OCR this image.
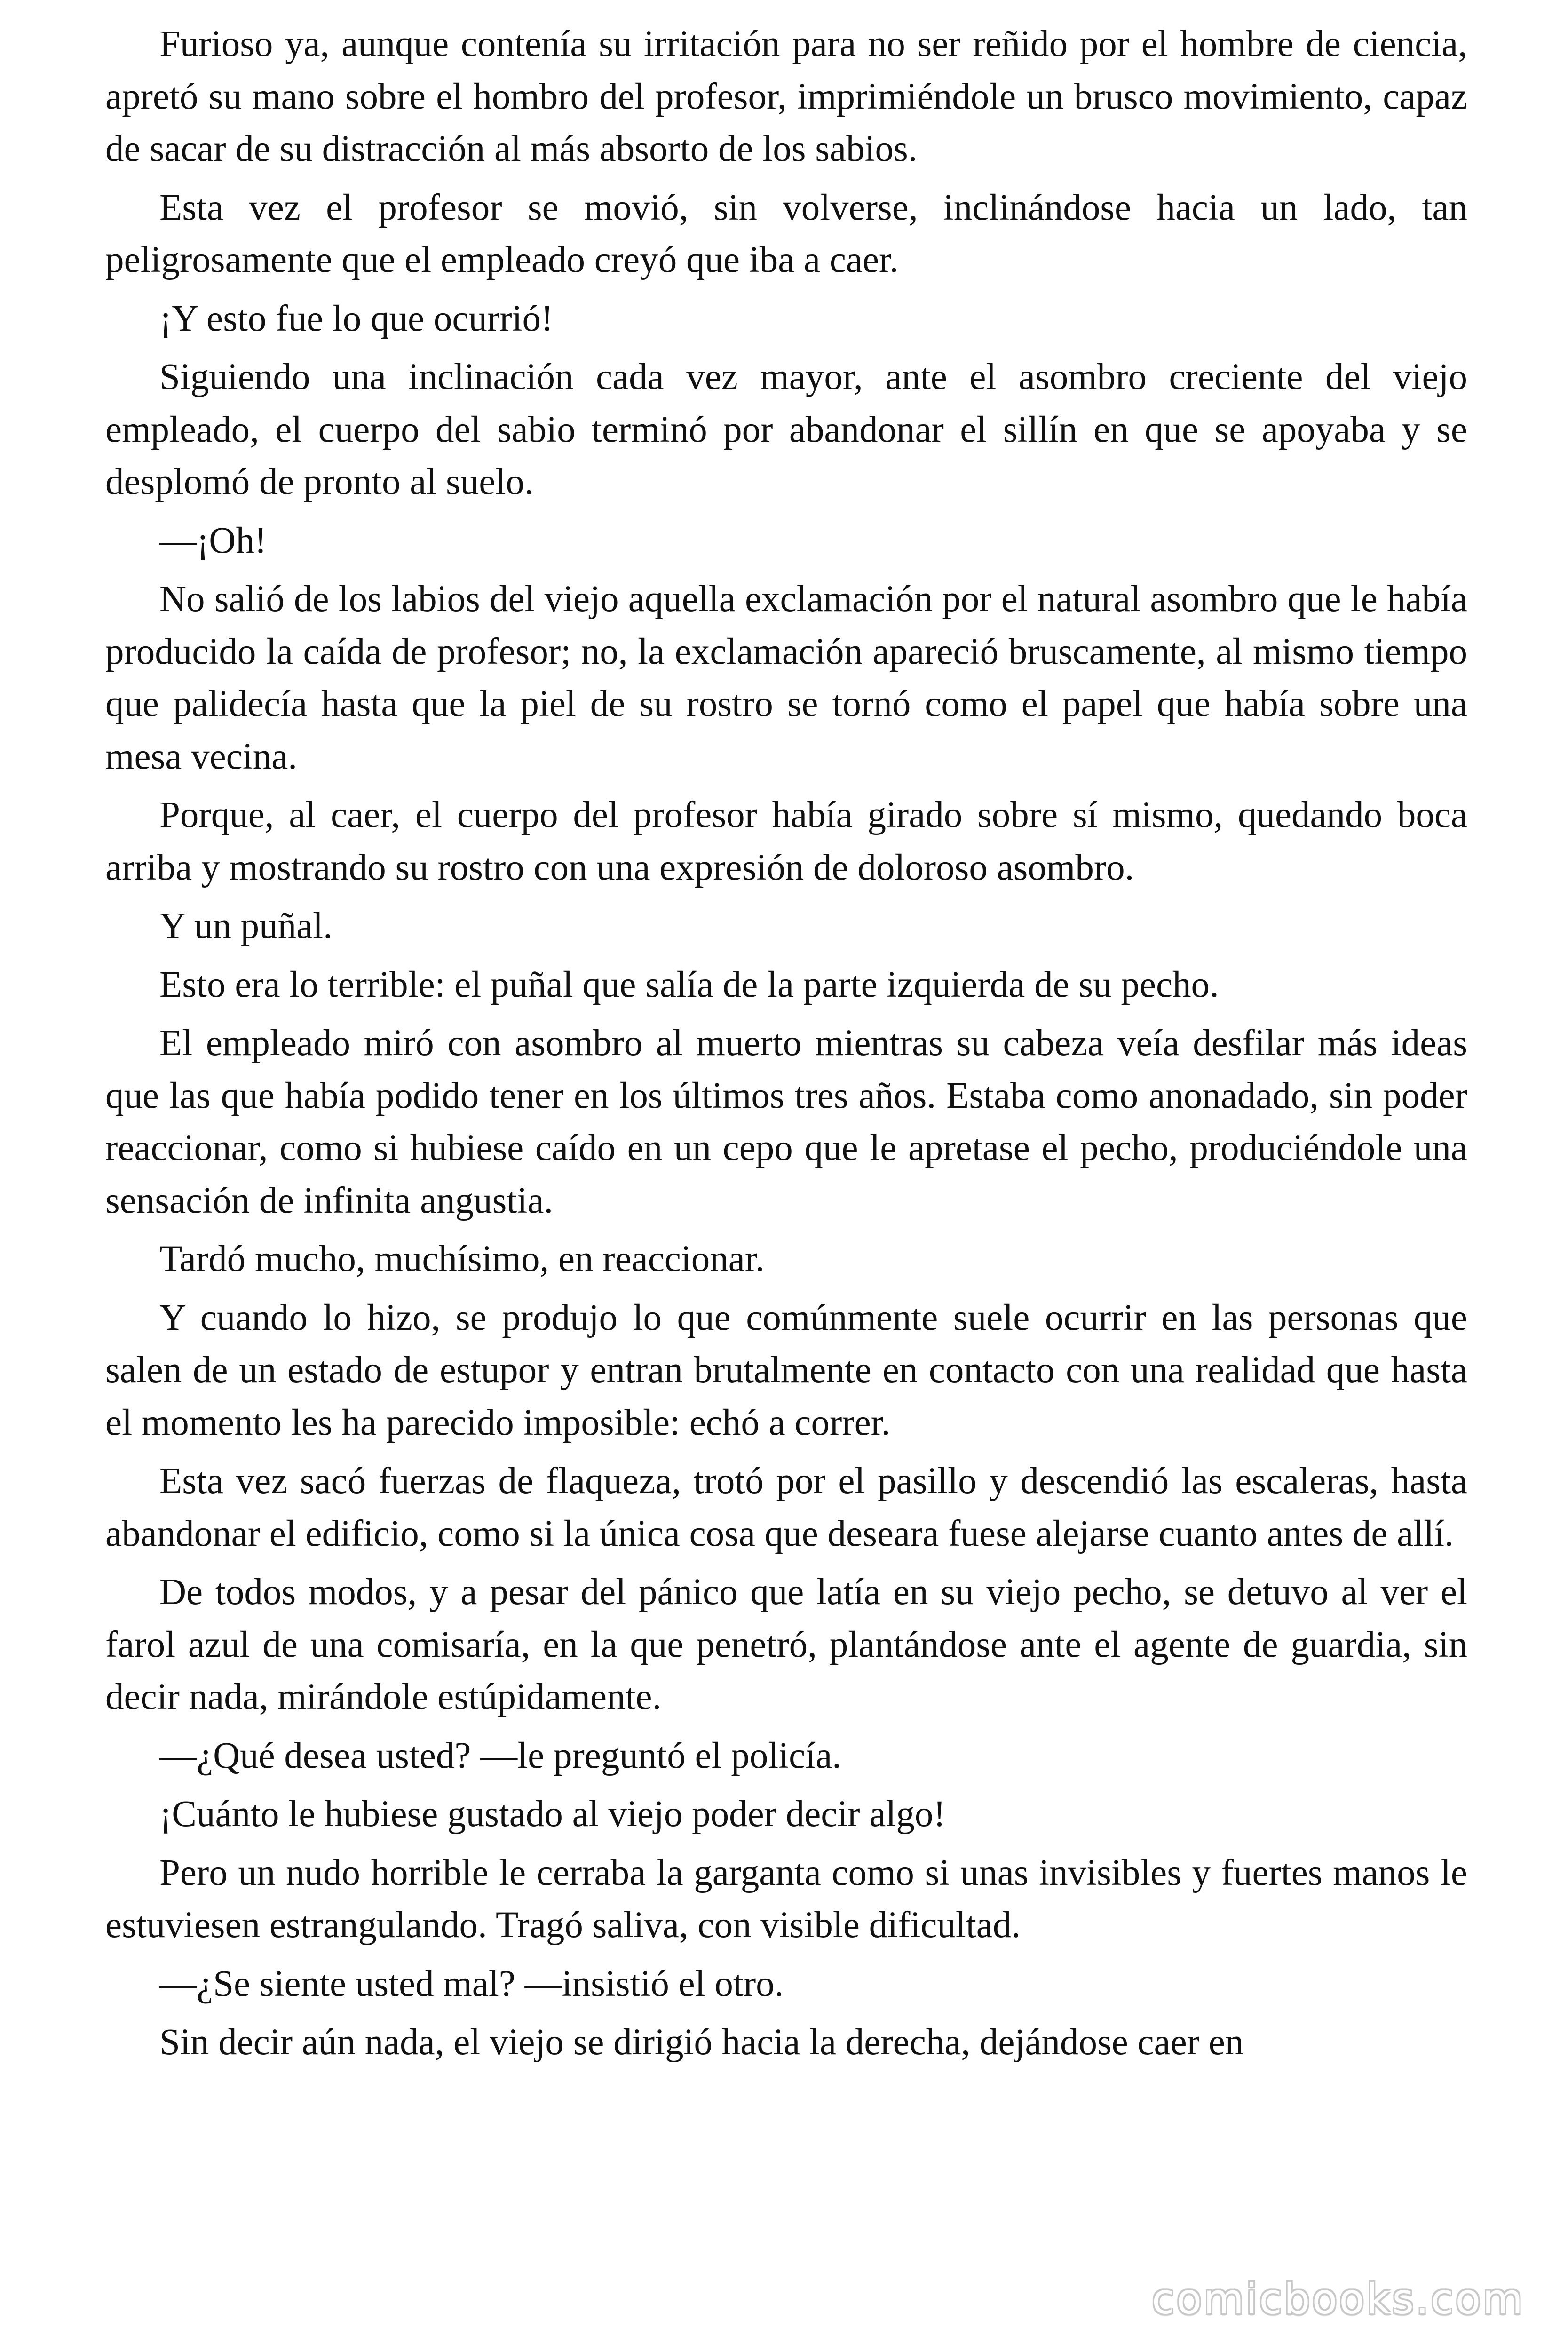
Furioso ya, aunque contenía su irritación para no ser reñido por el hombre de ciencia, apretó su mano sobre el hombro del profesor, imprimiéndole un brusco movimiento, capaz de sacar de su distracción al más absorto de los sabios.

Esta vez el profesor se movió, sin volverse, inclinándose hacia un lado, tan peligrosamente que el empleado creyó que iba a caer.

¡Y esto fue lo que ocurrió!

Siguiendo una inclinación cada vez mayor, ante el asombro creciente del viejo empleado, el cuerpo del sabio terminó por abandonar el sillín en que se apoyaba y se desplomó de pronto al suelo.

—¡Oh!

No salió de los labios del viejo aquella exclamación por el natural asombro que le había producido la caída de profesor; no, la exclamación apareció bruscamente, al mismo tiempo que palidecía hasta que la piel de su rostro se tornó como el papel que había sobre una mesa vecina.

Porque, al caer, el cuerpo del profesor había girado sobre sí mismo, quedando boca arriba y mostrando su rostro con una expresión de doloroso asombro.

Y un puñal.

Esto era lo terrible: el puñal que salía de la parte izquierda de su pecho.

El empleado miró con asombro al muerto mientras su cabeza veía desfilar más ideas que las que había podido tener en los últimos tres años. Estaba como anonadado, sin poder reaccionar, como si hubiese caído en un cepo que le apretase el pecho, produciéndole una sensación de infinita angustia.

Tardó mucho, muchísimo, en reaccionar.

Y cuando lo hizo, se produjo lo que comúnmente suele ocurrir en las personas que salen de un estado de estupor y entran brutalmente en contacto con una realidad que hasta el momento les ha parecido imposible: echó a correr.

Esta vez sacó fuerzas de flaqueza, trotó por el pasillo y descendió las escaleras, hasta abandonar el edificio, como si la única cosa que deseara fuese alejarse cuanto antes de allí.

De todos modos, y a pesar del pánico que latía en su viejo pecho, se detuvo al ver el farol azul de una comisaría, en la que penetró, plantándose ante el agente de guardia, sin decir nada, mirándole estúpidamente.

—¿Qué desea usted? —le preguntó el policía.

¡Cuánto le hubiese gustado al viejo poder decir algo!

Pero un nudo horrible le cerraba la garganta como si unas invisibles y fuertes manos le estuviesen estrangulando. Tragó saliva, con visible dificultad.

—¿Se siente usted mal? —insistió el otro.

Sin decir aún nada, el viejo se dirigió hacia la derecha, dejándose caer en

comicbooks.com
